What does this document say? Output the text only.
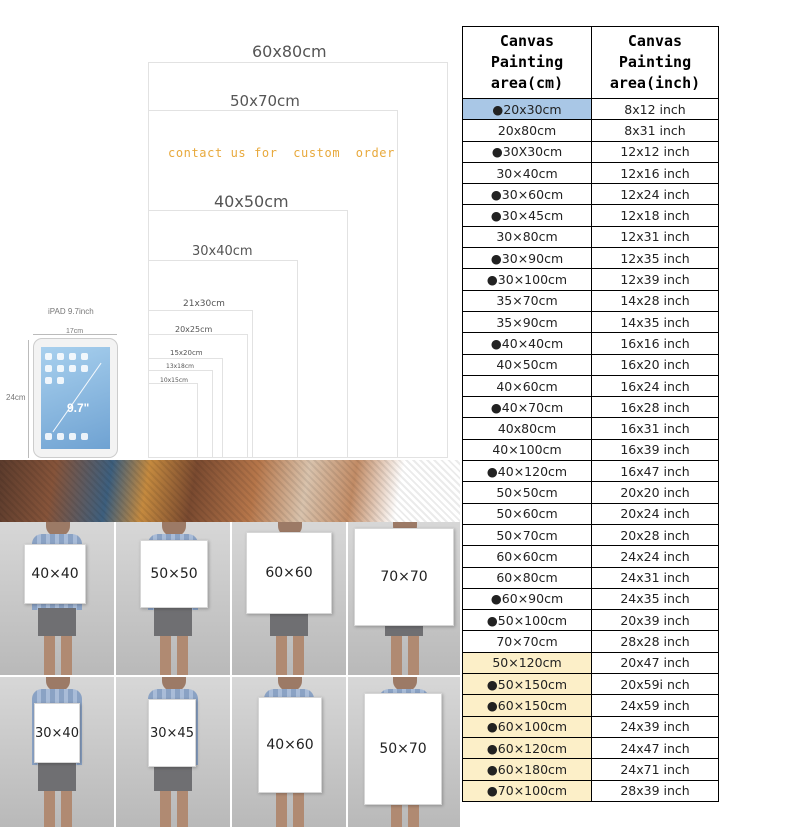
60x80cm
50x70cm
contact us for  custom  order
40x50cm
30x40cm
21x30cm
20x25cm
15x20cm
13x18cm
10x15cm
iPAD 9.7inch
17cm
24cm
9.7"
40×40	50×50	60×60	70×70
30×40	30×45
40×60	50×70
Canvas Painting area(cm)	Canvas Painting area(inch)
●20x30cm	8x12 inch
20x80cm	8x31 inch
●30X30cm	12x12 inch
30×40cm	12x16 inch
●30×60cm	12x24 inch
●30×45cm	12x18 inch
30×80cm	12x31 inch
●30×90cm	12x35 inch
●30×100cm	12x39 inch
35×70cm	14x28 inch
35×90cm	14x35 inch
●40×40cm	16x16 inch
40×50cm	16x20 inch
40×60cm	16x24 inch
●40×70cm	16x28 inch
40x80cm	16x31 inch
40×100cm	16x39 inch
●40×120cm	16x47 inch
50×50cm	20x20 inch
50×60cm	20x24 inch
50×70cm	20x28 inch
60×60cm	24x24 inch
60×80cm	24x31 inch
●60×90cm	24x35 inch
●50×100cm	20x39 inch
70×70cm	28x28 inch
50×120cm	20x47 inch
●50×150cm	20x59i nch
●60×150cm	24x59 inch
●60×100cm	24x39 inch
●60×120cm	24x47 inch
●60×180cm	24x71 inch
●70×100cm	28x39 inch
